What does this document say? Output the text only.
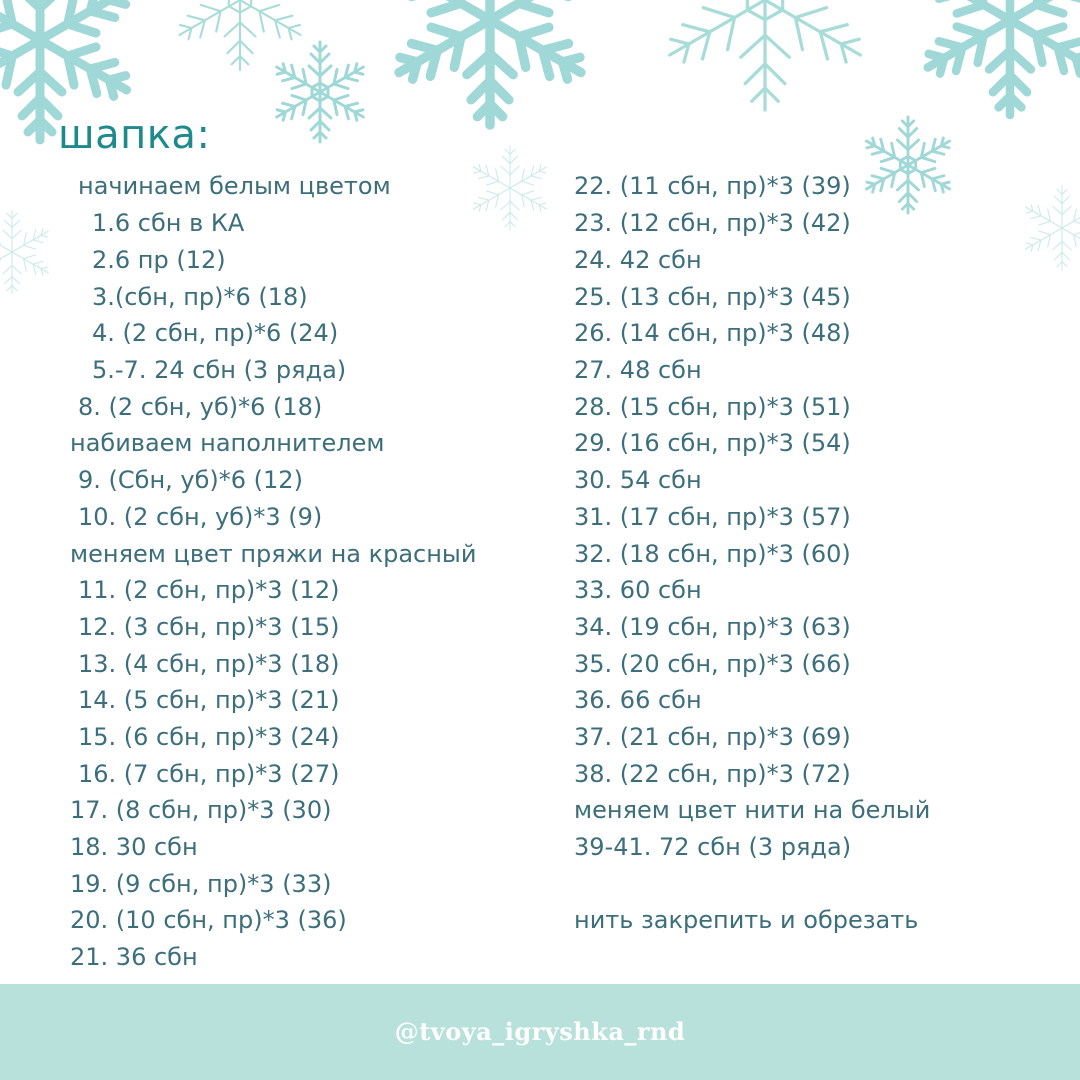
шапка:
начинаем белым цветом
1.6 сбн в КА
2.6 пр (12)
3.(сбн, пр)*6 (18)
4. (2 сбн, пр)*6 (24)
5.-7. 24 сбн (3 ряда)
8. (2 сбн, уб)*6 (18)
набиваем наполнителем
9. (Сбн, уб)*6 (12)
10. (2 сбн, уб)*3 (9)
меняем цвет пряжи на красный
11. (2 сбн, пр)*3 (12)
12. (3 сбн, пр)*3 (15)
13. (4 сбн, пр)*3 (18)
14. (5 сбн, пр)*3 (21)
15. (6 сбн, пр)*3 (24)
16. (7 сбн, пр)*3 (27)
17. (8 сбн, пр)*3 (30)
18. 30 сбн
19. (9 сбн, пр)*3 (33)
20. (10 сбн, пр)*3 (36)
21. 36 сбн
22. (11 сбн, пр)*3 (39)
23. (12 сбн, пр)*3 (42)
24. 42 сбн
25. (13 сбн, пр)*3 (45)
26. (14 сбн, пр)*3 (48)
27. 48 сбн
28. (15 сбн, пр)*3 (51)
29. (16 сбн, пр)*3 (54)
30. 54 сбн
31. (17 сбн, пр)*3 (57)
32. (18 сбн, пр)*3 (60)
33. 60 сбн
34. (19 сбн, пр)*3 (63)
35. (20 сбн, пр)*3 (66)
36. 66 сбн
37. (21 сбн, пр)*3 (69)
38. (22 сбн, пр)*3 (72)
меняем цвет нити на белый
39-41. 72 сбн (3 ряда)
нить закрепить и обрезать
@tvoya_igryshka_rnd
